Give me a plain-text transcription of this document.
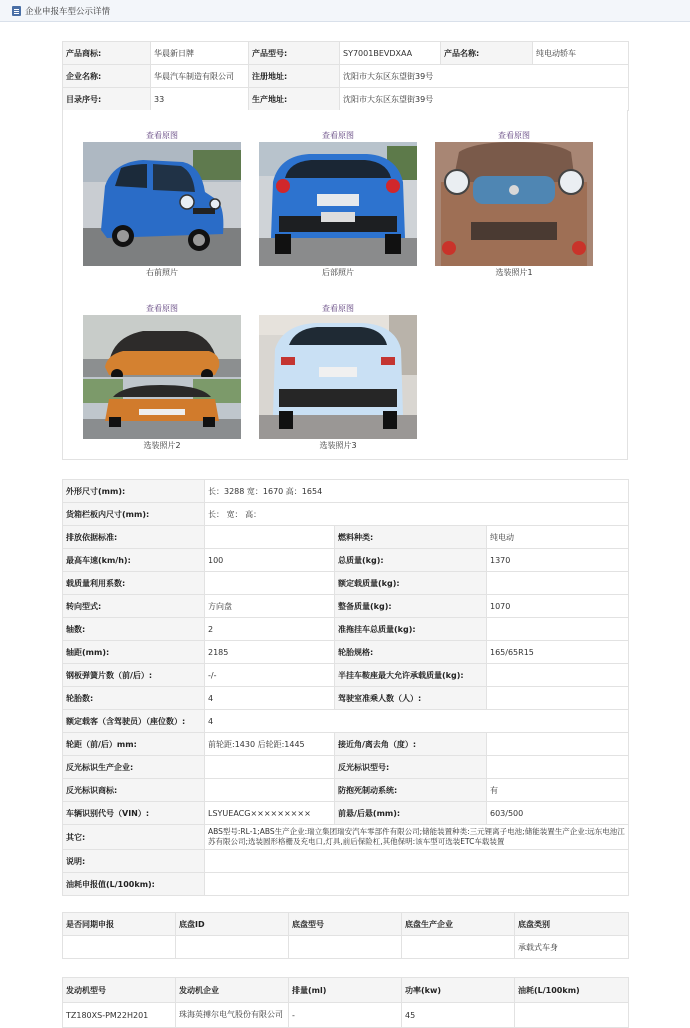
企业申报车型公示详情
产品商标:	华晨新日牌	产品型号:	SY7001BEVDXAA	产品名称:	纯电动轿车
企业名称:	华晨汽车制造有限公司	注册地址:	沈阳市大东区东望街39号		
目录序号:	33	生产地址:	沈阳市大东区东望街39号		
查看原图
右前照片
查看原图
后部照片
查看原图
选装照片1
查看原图
选装照片2
查看原图
选装照片3
外形尺寸(mm):	长：3288 宽：1670 高：1654		
货箱栏板内尺寸(mm):	长： 宽： 高：		
排放依据标准:		燃料种类:	纯电动
最高车速(km/h):	100	总质量(kg):	1370
载质量利用系数:		额定载质量(kg):	
转向型式:	方向盘	整备质量(kg):	1070
轴数:	2	准拖挂车总质量(kg):	
轴距(mm):	2185	轮胎规格:	165/65R15
钢板弹簧片数（前/后）:	-/-	半挂车鞍座最大允许承载质量(kg):	
轮胎数:	4	驾驶室准乘人数（人）:	
额定载客（含驾驶员）（座位数）:	4		
轮距（前/后）mm:	前轮距:1430 后轮距:1445	接近角/离去角（度）:	
反光标识生产企业:		反光标识型号:	
反光标识商标:		防抱死制动系统:	有
车辆识别代号（VIN）:	LSYUEACG×××××××××	前悬/后悬(mm):	603/500
其它:	ABS型号:RL-1;ABS生产企业:瑞立集团瑞安汽车零部件有限公司;储能装置种类:三元锂离子电池;储能装置生产企业:远东电池江苏有限公司;选装圆形格栅及充电口,灯具,前后保险杠,其他保明:该车型可选装ETC车载装置		
说明:			
油耗申报值(L/100km):			
是否同期申报	底盘ID	底盘型号	底盘生产企业	底盘类别
				承载式车身
发动机型号	发动机企业	排量(ml)	功率(kw)	油耗(L/100km)
TZ180XS-PM22H201	珠海英搏尔电气股份有限公司	-	45	
